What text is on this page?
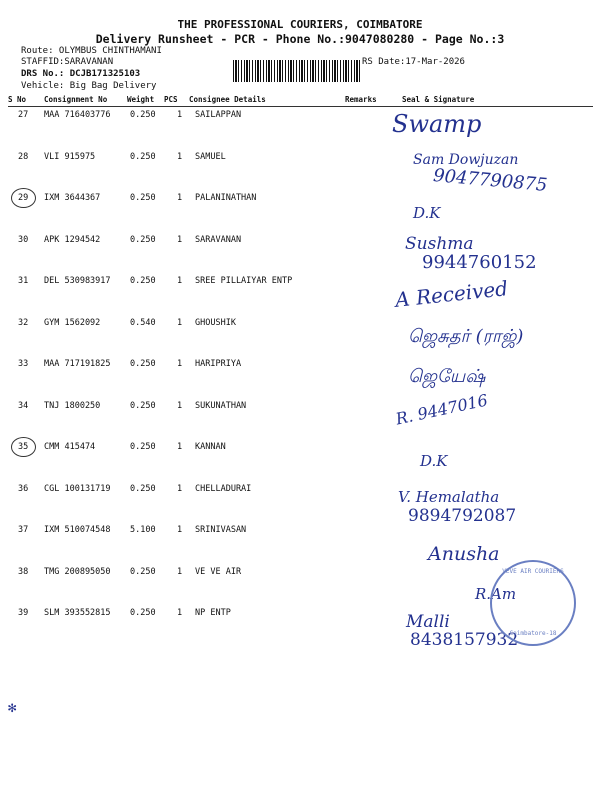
THE PROFESSIONAL COURIERS, COIMBATORE
Delivery Runsheet - PCR - Phone No.:9047080280 - Page No.:3
Route: OLYMBUS CHINTHAMANI
STAFFID:SARAVANAN	RS Date:17-Mar-2026
DRS No.: DCJB171325103
Vehicle: Big Bag Delivery
S No Consignment No	Weight PCS Consignee Details	Remarks	Seal & Signature
27 MAA 716403776 0.250	1 SAILAPPAN
28 VLI 915975	0.250	1 SAMUEL
29 IXM 3644367	0.250	1 PALANINATHAN
30 APK 1294542	0.250	1 SARAVANAN
31 DEL 530983917 0.250	1 SREE PILLAIYAR ENTP
32 GYM 1562092	0.540	1 GHOUSHIK
33 MAA 717191825 0.250	1 HARIPRIYA
34 TNJ 1800250	0.250	1 SUKUNATHAN
35 CMM 415474	0.250	1 KANNAN
36 CGL 100131719 0.250	1 CHELLADURAI
37 IXM 510074548 5.100	1 SRINIVASAN
38 TMG 200895050 0.250	1 VE VE AIR
39 SLM 393552815 0.250	1 NP ENTP
Swamp
Sam Dowjuzan
9047790875
D.K
Sushma
9944760152
A Received
ஜெசுதர் (ராஜ்)
ஜெயேஷ்
R. 9447016
D.K
V. Hemalatha
9894792087
Anusha
R.Am
Malli
8438157932
VEVE AIR COURIERS
Coimbatore-18
✻
